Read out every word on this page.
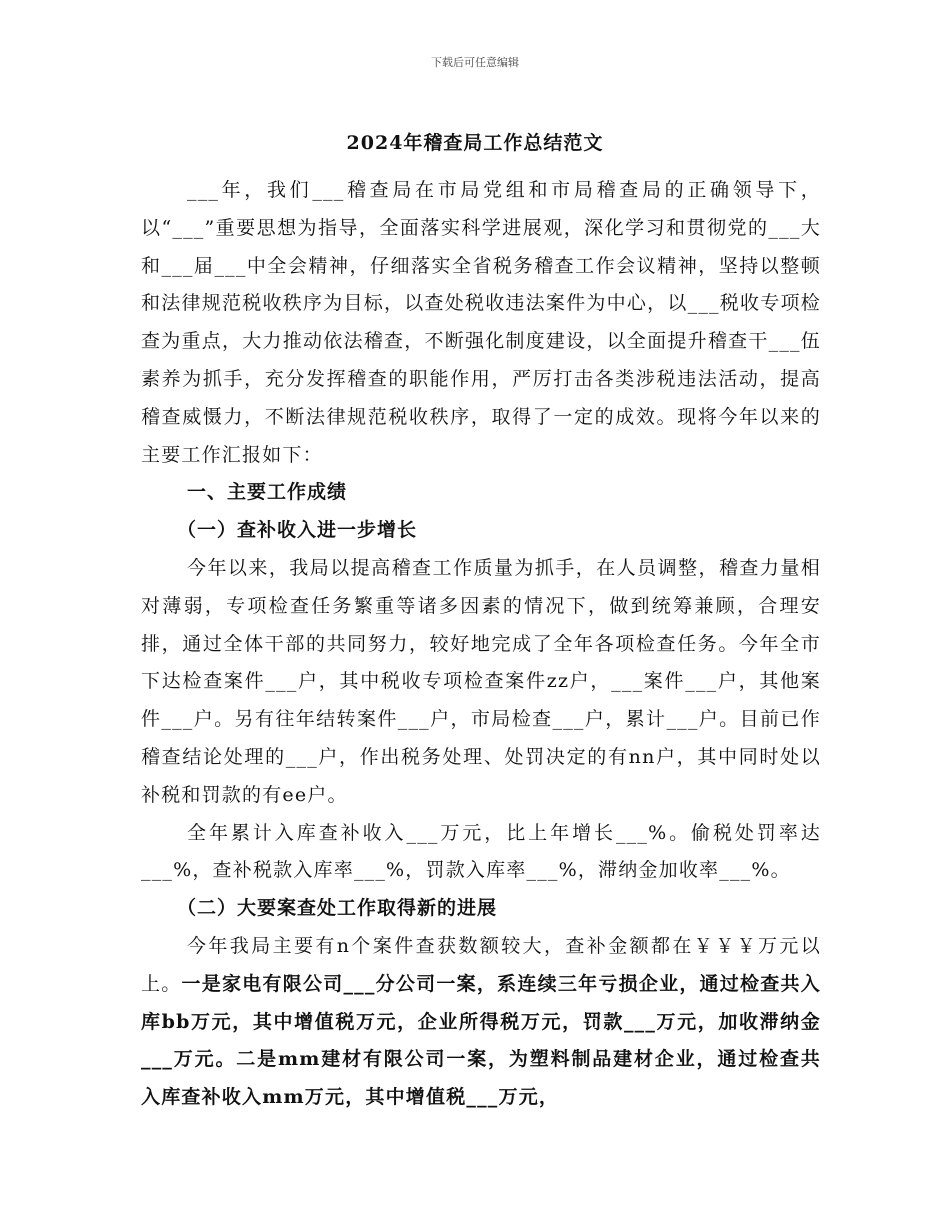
下载后可任意编辑
2024年稽查局工作总结范文

___年，我们___稽查局在市局党组和市局稽查局的正确领导下，以“___”重要思想为指导，全面落实科学进展观，深化学习和贯彻党的___大和___届___中全会精神，仔细落实全省税务稽查工作会议精神，坚持以整顿和法律规范税收秩序为目标，以查处税收违法案件为中心，以___税收专项检查为重点，大力推动依法稽查，不断强化制度建设，以全面提升稽查干___伍素养为抓手，充分发挥稽查的职能作用，严厉打击各类涉税违法活动，提高稽查威慑力，不断法律规范税收秩序，取得了一定的成效。现将今年以来的主要工作汇报如下：

一、主要工作成绩
（一）查补收入进一步增长

今年以来，我局以提高稽查工作质量为抓手，在人员调整，稽查力量相对薄弱，专项检查任务繁重等诸多因素的情况下，做到统筹兼顾，合理安排，通过全体干部的共同努力，较好地完成了全年各项检查任务。今年全市下达检查案件___户，其中税收专项检查案件zz户，___案件___户，其他案件___户。另有往年结转案件___户，市局检查___户，累计___户。目前已作稽查结论处理的___户，作出税务处理、处罚决定的有nn户，其中同时处以补税和罚款的有ee户。

全年累计入库查补收入___万元，比上年增长___%。偷税处罚率达___%，查补税款入库率___%，罚款入库率___%，滞纳金加收率___%。

（二）大要案查处工作取得新的进展

今年我局主要有n个案件查获数额较大，查补金额都在￥￥￥万元以上。一是家电有限公司___分公司一案，系连续三年亏损企业，通过检查共入库bb万元，其中增值税万元，企业所得税万元，罚款___万元，加收滞纳金___万元。二是mm建材有限公司一案，为塑料制品建材企业，通过检查共入库查补收入mm万元，其中增值税___万元，
